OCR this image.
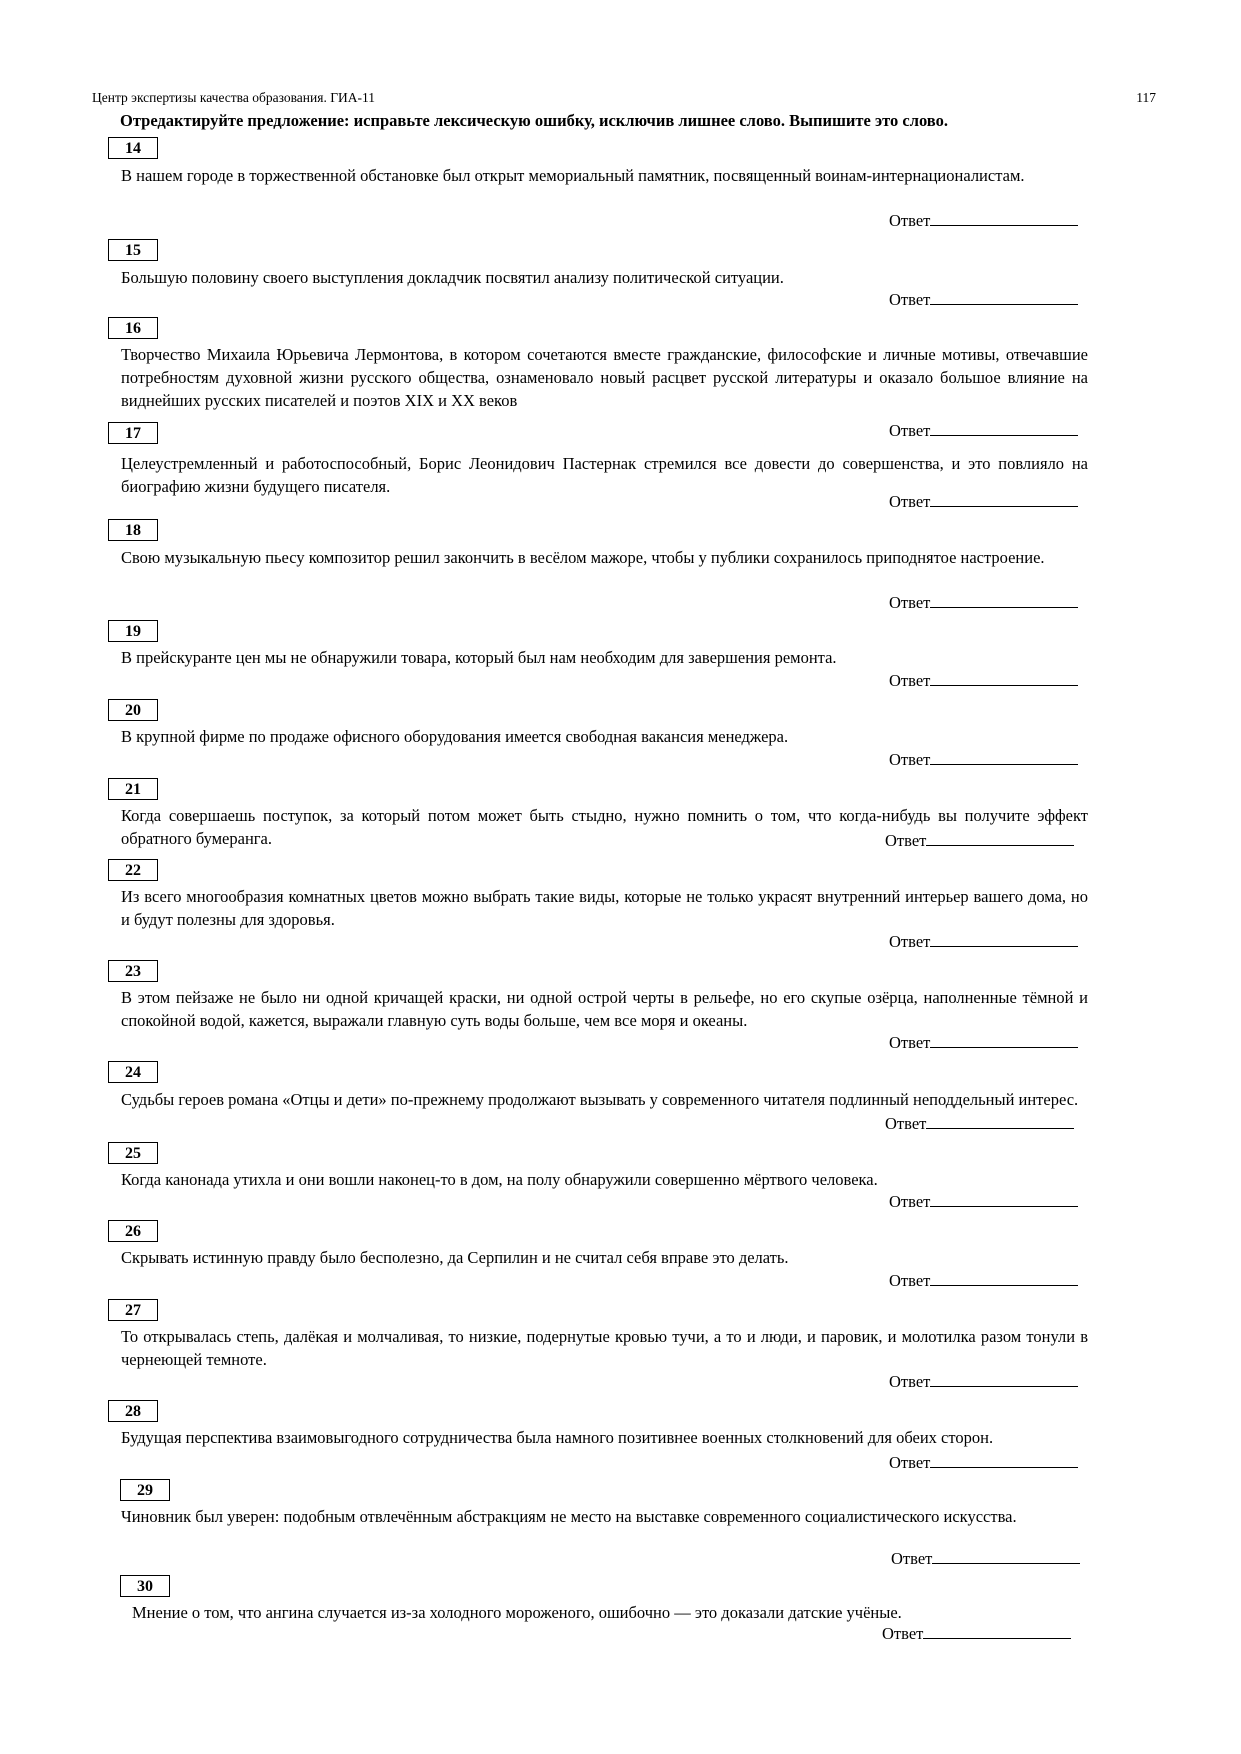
Центр экспертизы качества образования. ГИА-11	117
Отредактируйте предложение: исправьте лексическую ошибку, исключив лишнее слово. Выпишите это слово.
14
В нашем городе в торжественной обстановке был открыт мемориальный памятник, посвященный воинам-интернационалистам.
Ответ
15
Большую половину своего выступления докладчик посвятил анализу политической ситуации.
Ответ
16
Творчество Михаила Юрьевича Лермонтова, в котором сочетаются вместе гражданские, философские и личные мотивы, отвечавшие потребностям духовной жизни русского общества, ознаменовало новый расцвет русской литературы и оказало большое влияние на виднейших русских писателей и поэтов XIX и XX веков
17	Ответ
Целеустремленный и работоспособный, Борис Леонидович Пастернак стремился все довести до совершенства, и это повлияло на биографию жизни будущего писателя.
Ответ
18
Свою музыкальную пьесу композитор решил закончить в весёлом мажоре, чтобы у публики сохранилось приподнятое настроение.
Ответ
19
В прейскуранте цен мы не обнаружили товара, который был нам необходим для завершения ремонта.
Ответ
20
В крупной фирме по продаже офисного оборудования имеется свободная вакансия менеджера.
Ответ
21
Когда совершаешь поступок, за который потом может быть стыдно, нужно помнить о том, что когда-нибудь вы получите эффект обратного бумеранга.	Ответ
22
Из всего многообразия комнатных цветов можно выбрать такие виды, которые не только украсят внутренний интерьер вашего дома, но и будут полезны для здоровья.
Ответ
23
В этом пейзаже не было ни одной кричащей краски, ни одной острой черты в рельефе, но его скупые озёрца, наполненные тёмной и спокойной водой, кажется, выражали главную суть воды больше, чем все моря и океаны.
Ответ
24
Судьбы героев романа «Отцы и дети» по-прежнему продолжают вызывать у современного читателя подлинный неподдельный интерес.
Ответ
25
Когда канонада утихла и они вошли наконец-то в дом, на полу обнаружили совершенно мёртвого человека.
Ответ
26
Скрывать истинную правду было бесполезно, да Серпилин и не считал себя вправе это делать.
Ответ
27
То открывалась степь, далёкая и молчаливая, то низкие, подернутые кровью тучи, а то и люди, и паровик, и молотилка разом тонули в чернеющей темноте.
Ответ
28
Будущая перспектива взаимовыгодного сотрудничества была намного позитивнее военных столкновений для обеих сторон.
Ответ
29
Чиновник был уверен: подобным отвлечённым абстракциям не место на выставке современного социалистического искусства.
Ответ
30
Мнение о том, что ангина случается из-за холодного мороженого, ошибочно — это доказали датские учёные.
Ответ
